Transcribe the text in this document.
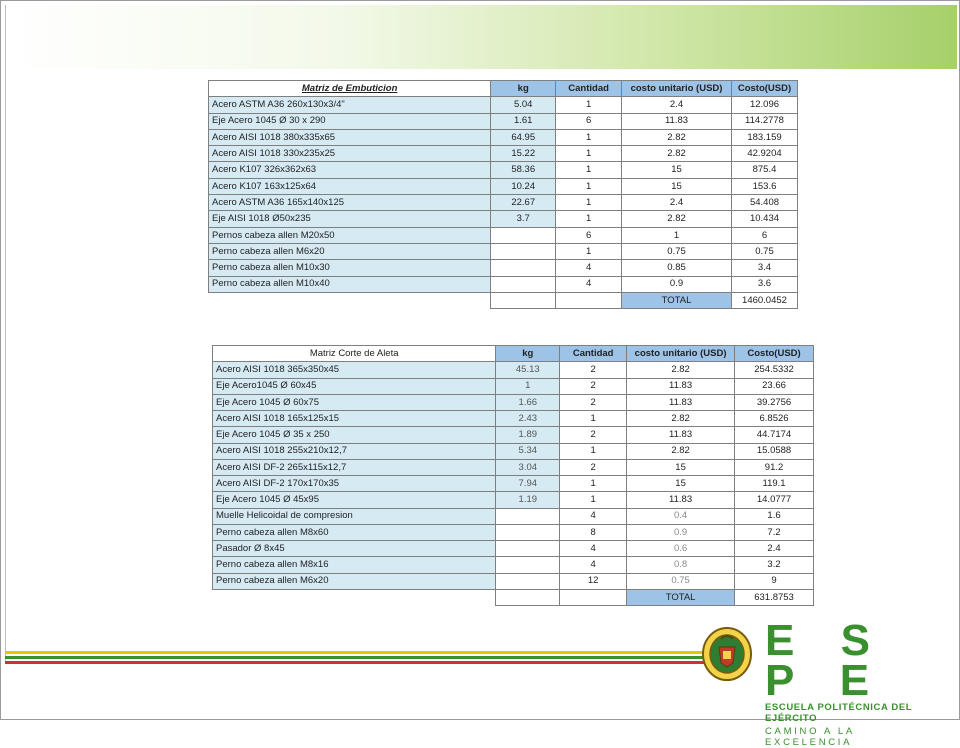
Matriz de Embuticion	kg	Cantidad	costo unitario (USD)	Costo(USD)
Acero ASTM A36 260x130x3/4"	5.04	1	2.4	12.096
Eje Acero 1045 Ø 30 x 290	1.61	6	11.83	114.2778
Acero AISI 1018 380x335x65	64.95	1	2.82	183.159
Acero AISI 1018 330x235x25	15.22	1	2.82	42.9204
Acero K107 326x362x63	58.36	1	15	875.4
Acero K107 163x125x64	10.24	1	15	153.6
Acero ASTM A36 165x140x125	22.67	1	2.4	54.408
Eje AISI 1018 Ø50x235	3.7	1	2.82	10.434
Pernos cabeza allen M20x50		6	1	6
Perno cabeza allen M6x20		1	0.75	0.75
Perno cabeza allen M10x30		4	0.85	3.4
Perno cabeza allen M10x40		4	0.9	3.6
			TOTAL	1460.0452
Matriz Corte de Aleta	kg	Cantidad	costo unitario (USD)	Costo(USD)
Acero AISI 1018 365x350x45	45.13	2	2.82	254.5332
Eje Acero1045 Ø 60x45	1	2	11.83	23.66
Eje Acero 1045 Ø 60x75	1.66	2	11.83	39.2756
Acero AISI 1018 165x125x15	2.43	1	2.82	6.8526
Eje Acero 1045 Ø 35 x 250	1.89	2	11.83	44.7174
Acero AISI 1018 255x210x12,7	5.34	1	2.82	15.0588
Acero AISI DF-2 265x115x12,7	3.04	2	15	91.2
Acero AISI DF-2 170x170x35	7.94	1	15	119.1
Eje Acero 1045 Ø 45x95	1.19	1	11.83	14.0777
Muelle Helicoidal de compresion		4	0.4	1.6
Perno cabeza allen M8x60		8	0.9	7.2
Pasador Ø 8x45		4	0.6	2.4
Perno cabeza allen M8x16		4	0.8	3.2
Perno cabeza allen M6x20		12	0.75	9
			TOTAL	631.8753
E S P E
ESCUELA POLITÉCNICA DEL EJÉRCITO
CAMINO A LA EXCELENCIA
